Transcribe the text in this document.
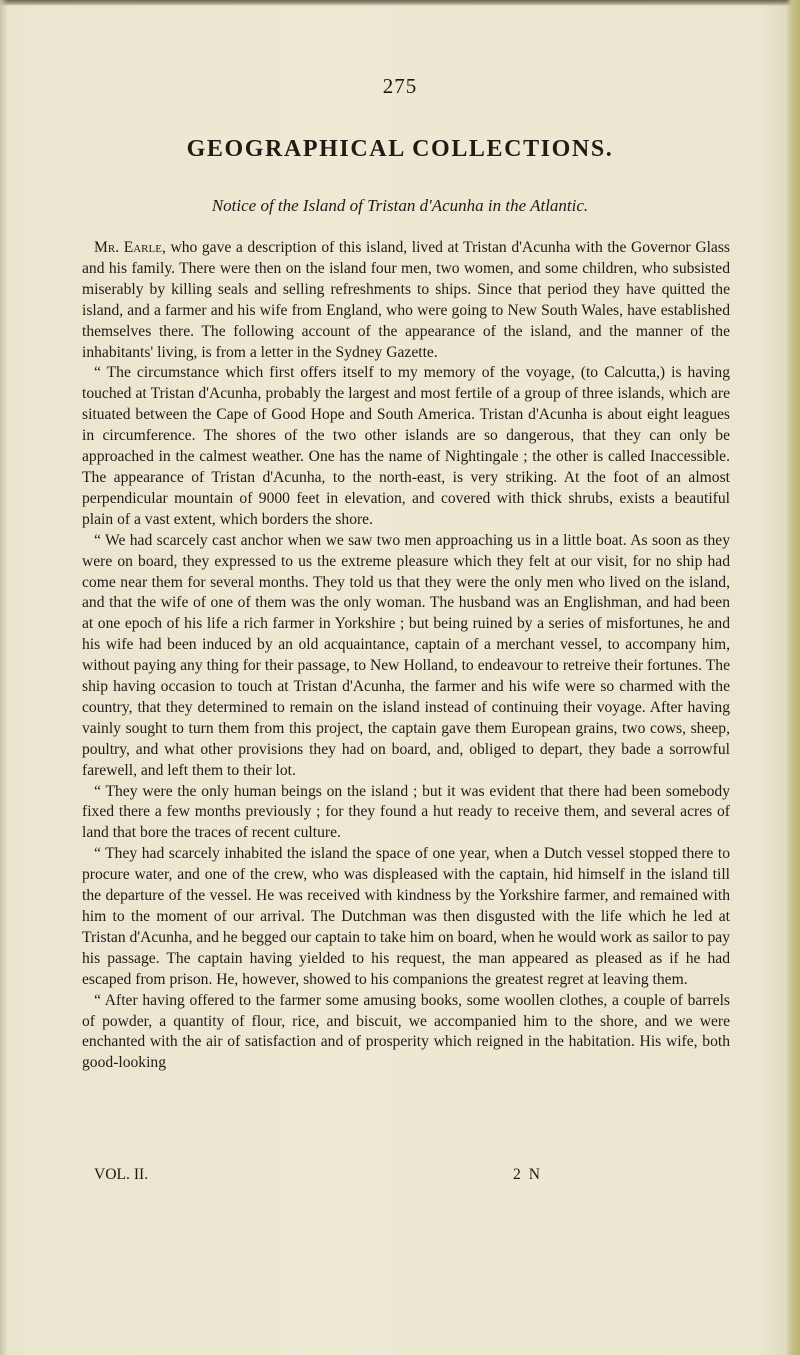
275
GEOGRAPHICAL COLLECTIONS.
Notice of the Island of Tristan d'Acunha in the Atlantic.

Mr. Earle, who gave a description of this island, lived at Tristan d'Acunha with the Governor Glass and his family. There were then on the island four men, two women, and some children, who subsisted miserably by killing seals and selling refreshments to ships. Since that period they have quitted the island, and a farmer and his wife from England, who were going to New South Wales, have established themselves there. The following account of the appearance of the island, and the manner of the inhabitants' living, is from a letter in the Sydney Gazette.

“ The circumstance which first offers itself to my memory of the voyage, (to Calcutta,) is having touched at Tristan d'Acunha, probably the largest and most fertile of a group of three islands, which are situated between the Cape of Good Hope and South America. Tristan d'Acunha is about eight leagues in circumference. The shores of the two other islands are so dangerous, that they can only be approached in the calmest weather. One has the name of Nightingale ; the other is called Inaccessible. The appearance of Tristan d'Acunha, to the north-east, is very striking. At the foot of an almost perpendicular mountain of 9000 feet in elevation, and covered with thick shrubs, exists a beautiful plain of a vast extent, which borders the shore.

“ We had scarcely cast anchor when we saw two men approaching us in a little boat. As soon as they were on board, they expressed to us the extreme pleasure which they felt at our visit, for no ship had come near them for several months. They told us that they were the only men who lived on the island, and that the wife of one of them was the only woman. The husband was an Englishman, and had been at one epoch of his life a rich farmer in Yorkshire ; but being ruined by a series of misfortunes, he and his wife had been induced by an old acquaintance, captain of a merchant vessel, to accompany him, without paying any thing for their passage, to New Holland, to endeavour to retreive their fortunes. The ship having occasion to touch at Tristan d'Acunha, the farmer and his wife were so charmed with the country, that they determined to remain on the island instead of continuing their voyage. After having vainly sought to turn them from this project, the captain gave them European grains, two cows, sheep, poultry, and what other provisions they had on board, and, obliged to depart, they bade a sorrowful farewell, and left them to their lot.

“ They were the only human beings on the island ; but it was evident that there had been somebody fixed there a few months previously ; for they found a hut ready to receive them, and several acres of land that bore the traces of recent culture.

“ They had scarcely inhabited the island the space of one year, when a Dutch vessel stopped there to procure water, and one of the crew, who was displeased with the captain, hid himself in the island till the departure of the vessel. He was received with kindness by the Yorkshire farmer, and remained with him to the moment of our arrival. The Dutchman was then disgusted with the life which he led at Tristan d'Acunha, and he begged our captain to take him on board, when he would work as sailor to pay his passage. The captain having yielded to his request, the man appeared as pleased as if he had escaped from prison. He, however, showed to his companions the greatest regret at leaving them.

“ After having offered to the farmer some amusing books, some woollen clothes, a couple of barrels of powder, a quantity of flour, rice, and biscuit, we accompanied him to the shore, and we were enchanted with the air of satisfaction and of prosperity which reigned in the habitation. His wife, both good-looking

VOL. II.	2 N
